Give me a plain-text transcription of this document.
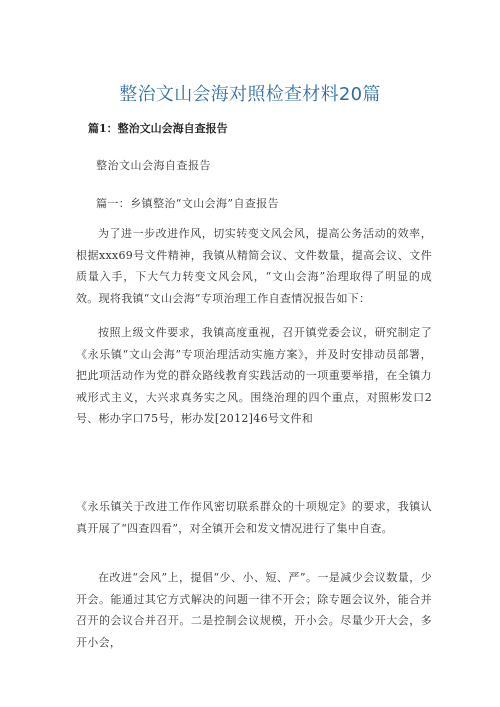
整治文山会海对照检查材料20篇
篇1：整治文山会海自查报告
整治文山会海自查报告
篇一：乡镇整治“文山会海”自查报告

为了进一步改进作风，切实转变文风会风，提高公务活动的效率，根据xxx69号文件精神，我镇从精简会议、文件数量，提高会议、文件质量入手，下大气力转变文风会风，“文山会海”治理取得了明显的成效。现将我镇“文山会海”专项治理工作自查情况报告如下：

按照上级文件要求，我镇高度重视，召开镇党委会议，研究制定了《永乐镇“文山会海”专项治理活动实施方案》，并及时安排动员部署，把此项活动作为党的群众路线教育实践活动的一项重要举措，在全镇力戒形式主义，大兴求真务实之风。围绕治理的四个重点，对照彬发口2号、彬办字口75号，彬办发[2012]46号文件和

《永乐镇关于改进工作作风密切联系群众的十项规定》的要求，我镇认真开展了“四查四看”，对全镇开会和发文情况进行了集中自查。

在改进“会风”上，提倡“少、小、短、严”。一是减少会议数量，少开会。能通过其它方式解决的问题一律不开会；除专题会议外，能合并召开的会议合并召开。二是控制会议规模，开小会。尽量少开大会，多开小会，
